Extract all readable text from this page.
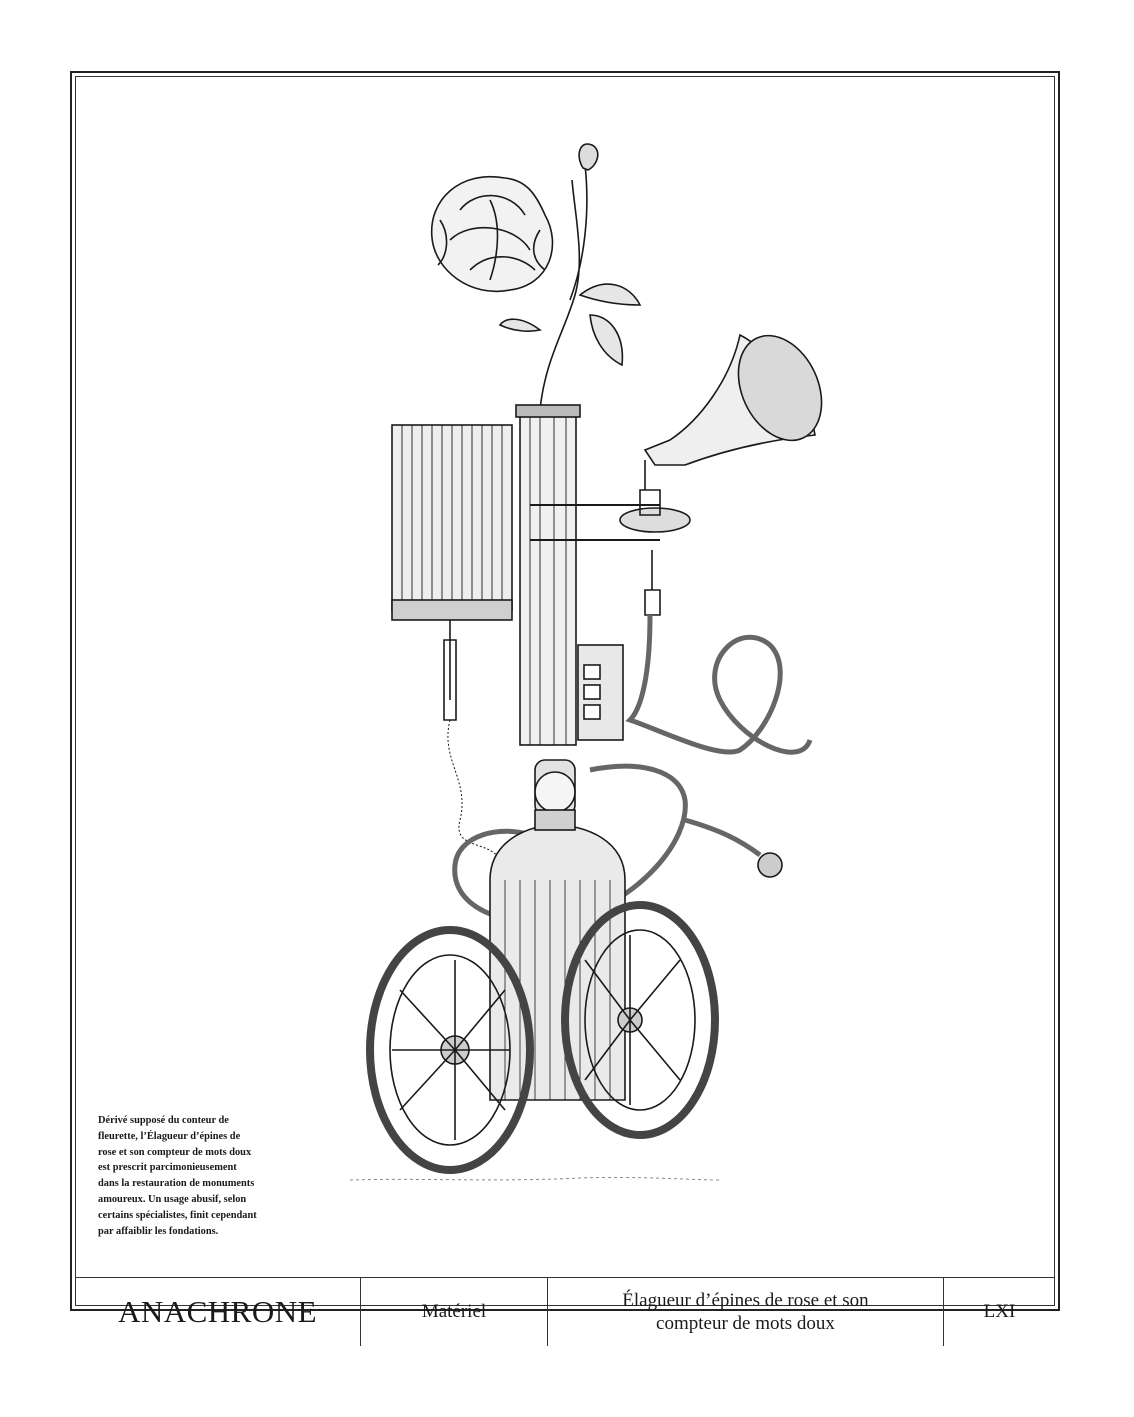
Dérivé supposé du conteur de
fleurette, l’Élagueur d’épines de
rose et son compteur de mots doux
est prescrit parcimonieusement
dans la restauration de monuments
amoureux. Un usage abusif, selon
certains spécialistes, finit cependant
par affaiblir les fondations.
ANACHRONE	Matériel
Élagueur d’épines de rose et son compteur de mots doux
LXI
